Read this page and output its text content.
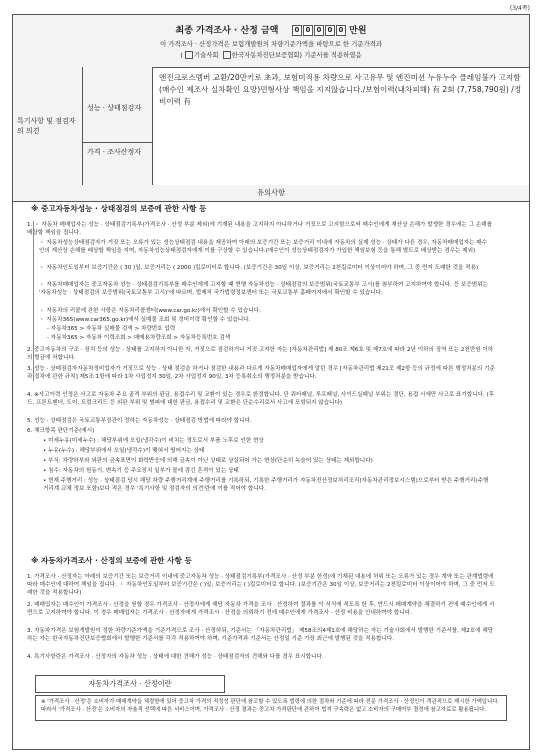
(3/4쪽)
최종 가격조사 · 산정 금액 0 0 0 0 0 만원
이 가격조사 · 산정가격은 보험개발원의 차량기준가액을 바탕으로 한 기준가격과
( 기술사회 한국자동차진단보증협회) 기준서를 적용하였음
특기사항 및 점검자의 의견
성능 · 상태점검자
가격 · 조사산정자
엔진크로스멤버 교환/20만키로 초과, 보험미적용 차량으로 사고유무 및 엔진미션 누유누수 클레임불가 고지함(매수인 제조사 실차확인 요망)민형사상 책임을 지지않습니다./보험이력(내차피해) 有 2회 (7,758,790원) /정비이력 有
유의사항
※ 중고자동차성능 · 상태점검의 보증에 관한 사항 등
1. ・ 자동차 매매업자는 성능 · 상태점검기록부(가격조사 · 산정 부분 제외)에 기재된 내용을 고지하지 아니하거나 거짓으로 고지함으로써 매수인에게 재산상 손해가 발생한 경우에는 그 손해를 배상할 책임을 집니다.
・ 자동차성능상태점검자가 거짓 또는 오류가 있는 성능상태점검 내용을 제공하여 아래의 보증기간 또는 보증거리 이내에 자동차의 실제 성능 · 상태가 다른 경우, 자동차매매업자는 매수인의 재산상 손해를 배상할 책임을 지며, 자동차성능상태점검자에게 이를 구상할 수 있습니다.(매수인이 성능상태점검자가 가입한 책임보험 등을 통해 별도로 배상받는 경우는 제외)
・ 자동차인도일부터 보증기간은 ( 30 )일, 보증거리는 ( 2000 )킬로미터로 합니다. (보증기간은 30일 이상, 보증거리는 2천킬로미터 이상이어야 하며, 그 중 먼저 도래한 것을 적용)
・ 자동차매매업자는 중고자동차 성능 · 상태점검기록부를 매수인에게 고지할 때 현행 자동차성능 · 상태점검의 보증범위(국토교통부 고시)를 첨부하여 고지하여야 합니다. 등 보증범위는 '자동차성능 · 상태점검의 보증범위(국토교통부 고시)'에 따르며, 법제처 국가법령정보센터 또는 국토교통부 홈페이지에서 확인할 수 있습니다.
・ 자동차의 리콜에 관한 사항은 자동차리콜센터(www.car.go.kr)에서 확인할 수 있습니다.
・ 자동차365(www.car365.go.kr)에서 실매물 조회 및 정비이력 확인할 수 있습니다.
- 자동차365 > 자동차 실매물 검색 > 차량번호 입력
- 자동차365 > 자동차 이력조회 > 매매용차량조회 > 자동차등록번호 검색
2. 중고자동차의 구조 · 장치 등의 성능 · 상태를 고지하지 아니한 자, 거짓으로 점검하거나 거짓 고지한 자는 [자동차관리법] 제 80조 제6호 및 제7호에 따라 2년 이하의 징역 또는 2천만원 이하의 벌금에 처합니다.
3. 성능 · 상태점검자자동차정비업자가 거짓으로 성능 · 상태 점검을 하거나 점검한 내용과 다르게 자동차매매업자에게 알린 경우 [자동차관리법 제21조 제2항 등의 규정에 따른 행정처분의 기준과 절차에 관한 규칙] 제5조 1항에 따라 1차 사업정지 30일, 2차 사업정지 90일, 3차 등록취소의 행정처분을 받습니다.
4. ※사고이력 인정은 사고로 자동차 주요 골격 부위의 판금, 용접수리 및 교환이 있는 경우로 한정합니다. 단 쿼터패널, 루프패널, 사이드실패널 부위는 절단, 용접 시에만 사고로 표기합니다. (후드, 프론트펜더, 도어, 트렁크리드 등 외판 부위 및 범퍼에 대한 판금, 용접수리 및 교환은 단순수리로서 사고에 포함되지 않습니다)
5. 성능 · 상태점검은 국토교통부장관이 정하는 자동차성능 · 상태점검 방법에 따라야 합니다.
6. 체크항목 판단기준(예시)
• 미세누유(미세누수) : 해당부위에 오일(냉각수)이 비치는 정도로서 부품 노후로 인한 현상
• 누유(누수) : 해당부위에서 오일(냉각수)이 맺혀서 떨어지는 상태
• 부식: 차량하부와 외판의 금속표면이 화학반응에 의해 금속이 아닌 상태로 상실되어 가는 현상(단순히 녹슬어 있는 상태는 제외합니다)
• 침수: 자동차의 원동기, 변속기 등 주요장치 일부가 물에 잠긴 흔적이 있는 상태
• 현재 주행거리 : 성능 · 상태점검 당시 해당 차량 주행거리계에 주행거리를 기록하되, 기록한 주행거리가 자동차전산정보처리조직(자동차관리정보시스템)으로부터 받은 주행거리(주행거리계 교체 정보 포함)보다 적은 경우 '특기사항 및 점검자의 의견'란에 이를 적어야 합니다.
※ 자동차가격조사 · 산정의 보증에 관한 사항 등
1. 가격조사 · 산정자는 아래의 보증기간 또는 보증거리 이내에 중고자동차 성능 · 상태점검기록부(가격조사 · 산정 부분 한정)에 기재된 내용에 허위 또는 오류가 있는 경우 계약 또는 관계법령에 따라 매수인에 대하여 책임을 집니다. ・ 자동차인도일부터 보증기간은 ( )일, 보증거리는 ( )킬로미터로 합니다. (보증기간은 30일 이상, 보증거리는 2천킬로미터 이상이어야 하며, 그 중 먼저 도래한 것을 적용합니다)
2. 매매업자는 매수인이 가격조사 · 산정을 원할 경우 가격조사 · 산정자에게 해당 자동차 가격을 조사 · 산정하여 결과를 이 서식에 적도록 한 후, 반드시 매매계약을 체결하기 전에 매수인에게 서면으로 고지하여야 합니다. 이 경우 매매업자는 가격조사 · 산정자에게 가격조사 · 산정을 의뢰하기 전에 매수인에게 가격조사 · 산정 비용을 안내하여야 합니다.
3. 자동차가격은 보험개발원이 정한 차량기준가액을 기준가격으로 조사 · 산정하되, 기준서는 「자동차관리법」 제58조의4제1호에 해당하는 자는 기술사회에서 발행한 기준서를, 제2호에 해당하는 자는 한국자동차진단보증협회에서 발행한 기준서를 각각 적용하여야 하며, 기준가격과 기준서는 산정일 기준 가장 최근에 발행된 것을 적용합니다.
4. 특기사항란은 가격조사 · 산정자의 자동차 성능 · 상태에 대한 견해가 성능 · 상태점검자의 견해와 다를 경우 표시합니다.
자동차가격조사 · 산정이란
※ '가격조사 · 산정'은 소비자가 매매계약을 체결함에 있어 중고차 가격의 적정성 판단에 참고할 수 있도록 법령에 의한 절차와 기준에 따라 전문 가격조사 · 산정인이 객관적으로 제시한 가액입니다. 따라서 '가격조사 · 산정'은 소비자의 자율적 선택에 따른 서비스이며, 가격조사 · 산정 결과는 중고차 가격판단에 관하여 법적 구속력은 없고 소비자의 구매여부 결정에 참고자료로 활용됩니다.
